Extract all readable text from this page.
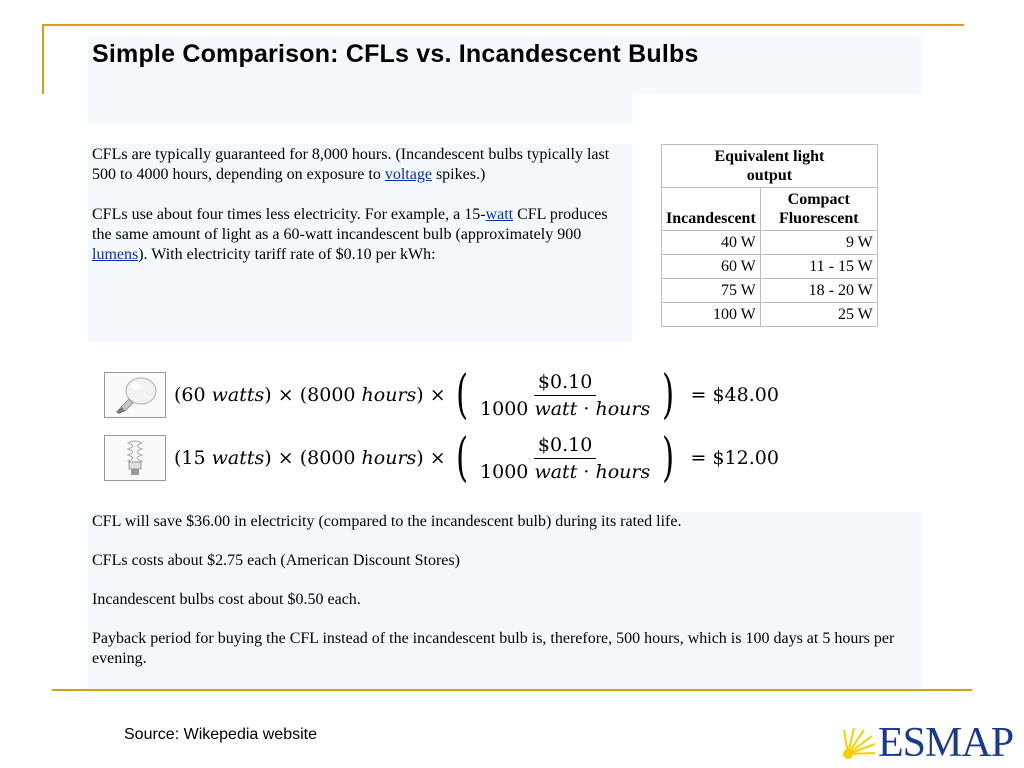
Simple Comparison: CFLs vs. Incandescent Bulbs

CFLs are typically guaranteed for 8,000 hours. (Incandescent bulbs typically last 500 to 4000 hours, depending on exposure to voltage spikes.)

CFLs use about four times less electricity. For example, a 15-watt CFL produces the same amount of light as a 60-watt incandescent bulb (approximately 900 lumens). With electricity tariff rate of $0.10 per kWh:

Equivalent light output	
Incandescent	Compact Fluorescent
40 W	9 W
60 W	11 - 15 W
75 W	18 - 20 W
100 W	25 W
( 60
watts )
×
( 8000
hours )
×
( $\frac{\$0.10}{\text{1000 watt · hours}}$ ) = $48.00
( 15
watts )
×
( 8000
hours )
×
( $\frac{\$0.10}{\text{1000 watt · hours}}$ ) = $12.00

CFL will save $36.00 in electricity (compared to the incandescent bulb) during its rated life.

CFLs costs about $2.75 each (American Discount Stores)

Incandescent bulbs cost about $0.50 each.

Payback period for buying the CFL instead of the incandescent bulb is, therefore, 500 hours, which is 100 days at 5 hours per evening.

Source: Wikepedia website	ESMAP
